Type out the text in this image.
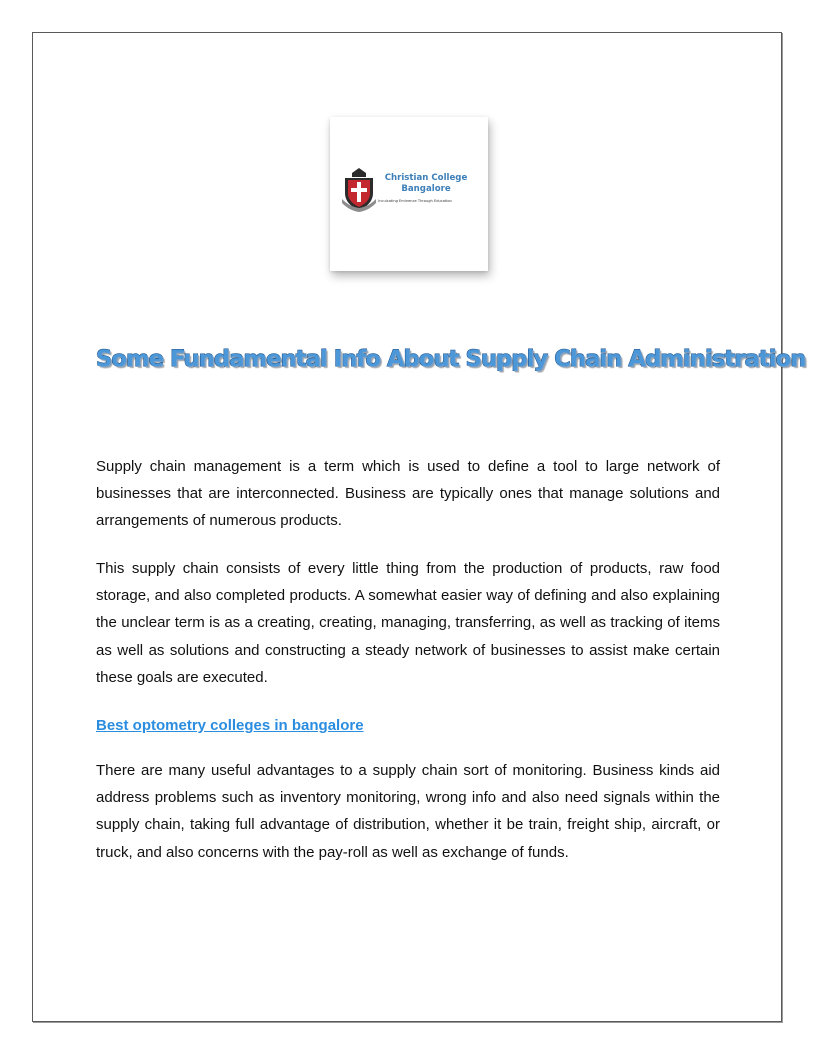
Christian College
Bangalore
Inculcating Eminence Through Education
Some Fundamental Info About Supply Chain Administration

Supply chain management is a term which is used to define a tool to large network of businesses that are interconnected. Business are typically ones that manage solutions and arrangements of numerous products.

This supply chain consists of every little thing from the production of products, raw food storage, and also completed products. A somewhat easier way of defining and also explaining the unclear term is as a creating, creating, managing, transferring, as well as tracking of items as well as solutions and constructing a steady network of businesses to assist make certain these goals are executed.

Best optometry colleges in bangalore

There are many useful advantages to a supply chain sort of monitoring. Business kinds aid address problems such as inventory monitoring, wrong info and also need signals within the supply chain, taking full advantage of distribution, whether it be train, freight ship, aircraft, or truck, and also concerns with the pay-roll as well as exchange of funds.
